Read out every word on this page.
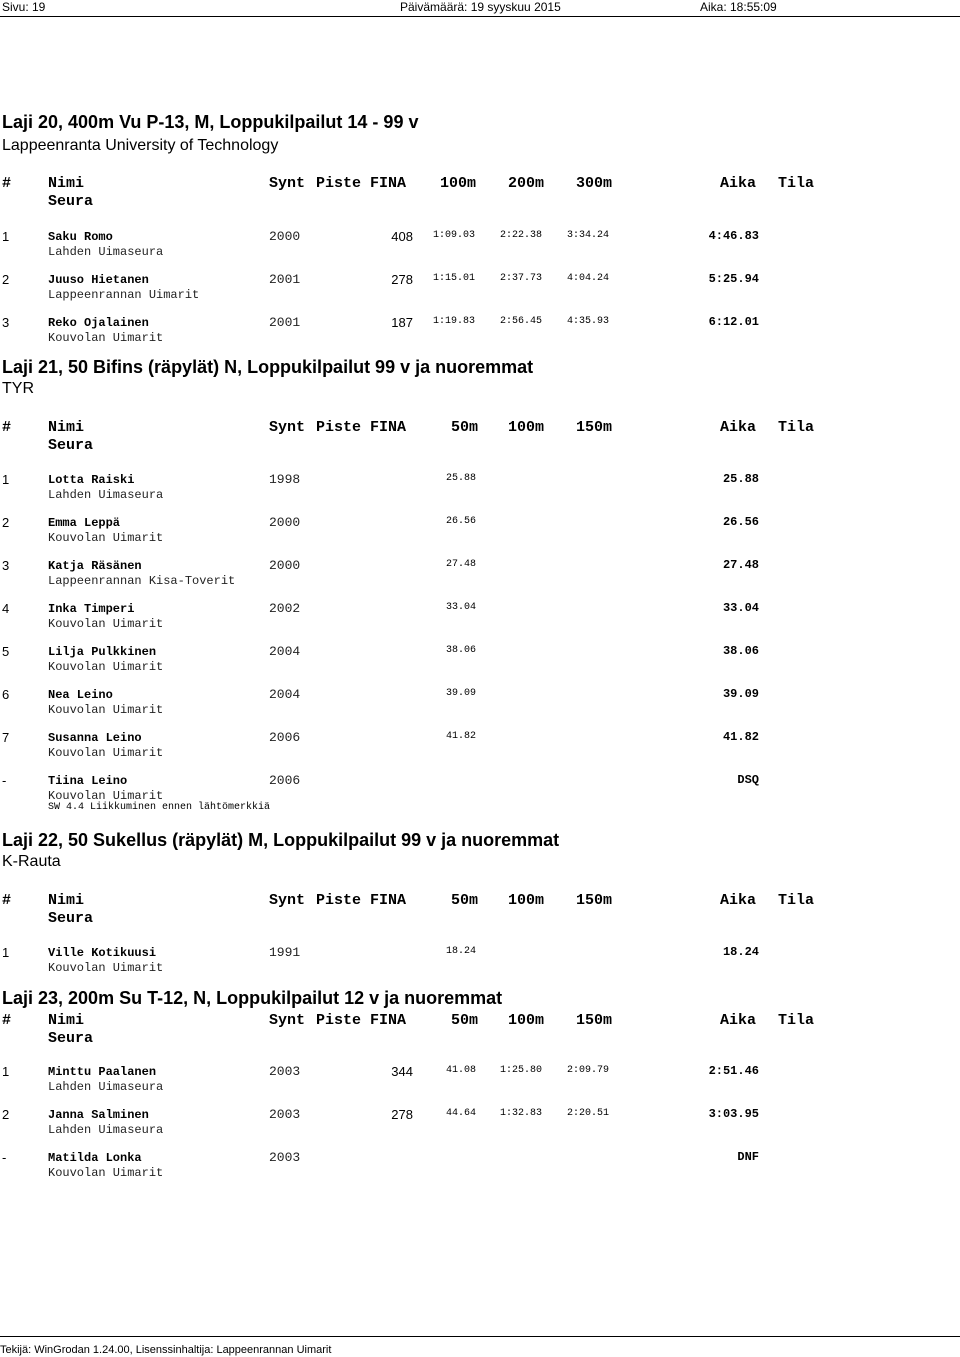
Sivu: 19	Päivämäärä: 19 syyskuu 2015	Aika: 18:55:09
Laji 20, 400m Vu P-13, M, Loppukilpailut 14 - 99 v
Lappeenranta University of Technology
# Nimi
Seura
Synt Piste FINA 100m 200m 300m	Aika Tila
1	Saku Romo
Lahden Uimaseura
2000	408 1:09.03 2:22.38 3:34.24	4:46.83
2	Juuso Hietanen
Lappeenrannan Uimarit
2001	278 1:15.01 2:37.73 4:04.24	5:25.94
3	Reko Ojalainen
Kouvolan Uimarit
2001	187 1:19.83 2:56.45 4:35.93	6:12.01
Laji 21, 50 Bifins (räpylät) N, Loppukilpailut 99 v ja nuoremmat
TYR
# Nimi
Seura
Synt Piste FINA	50m 100m 150m	Aika Tila
1	Lotta Raiski
Lahden Uimaseura
1998	25.88	25.88
2	Emma Leppä
Kouvolan Uimarit
2000	26.56	26.56
3	Katja Räsänen
Lappeenrannan Kisa-Toverit
2000	27.48	27.48
4	Inka Timperi
Kouvolan Uimarit
2002	33.04	33.04
5	Lilja Pulkkinen
Kouvolan Uimarit
2004	38.06	38.06
6	Nea Leino
Kouvolan Uimarit
2004	39.09	39.09
7	Susanna Leino
Kouvolan Uimarit
2006	41.82	41.82
-	Tiina Leino
Kouvolan Uimarit
2006	DSQ
SW 4.4 Liikkuminen ennen lähtömerkkiä
Laji 22, 50 Sukellus (räpylät) M, Loppukilpailut 99 v ja nuoremmat
K-Rauta
# Nimi
Seura
Synt Piste FINA	50m 100m 150m	Aika Tila
1	Ville Kotikuusi
Kouvolan Uimarit
1991	18.24	18.24
Laji 23, 200m Su T-12, N, Loppukilpailut 12 v ja nuoremmat
# Nimi
Seura
Synt Piste FINA	50m 100m 150m	Aika Tila
1	Minttu Paalanen
Lahden Uimaseura
2003	344	41.08 1:25.80 2:09.79	2:51.46
2	Janna Salminen
Lahden Uimaseura
2003	278	44.64 1:32.83 2:20.51	3:03.95
-	Matilda Lonka
Kouvolan Uimarit
2003	DNF
Tekijä: WinGrodan 1.24.00, Lisenssinhaltija: Lappeenrannan Uimarit
